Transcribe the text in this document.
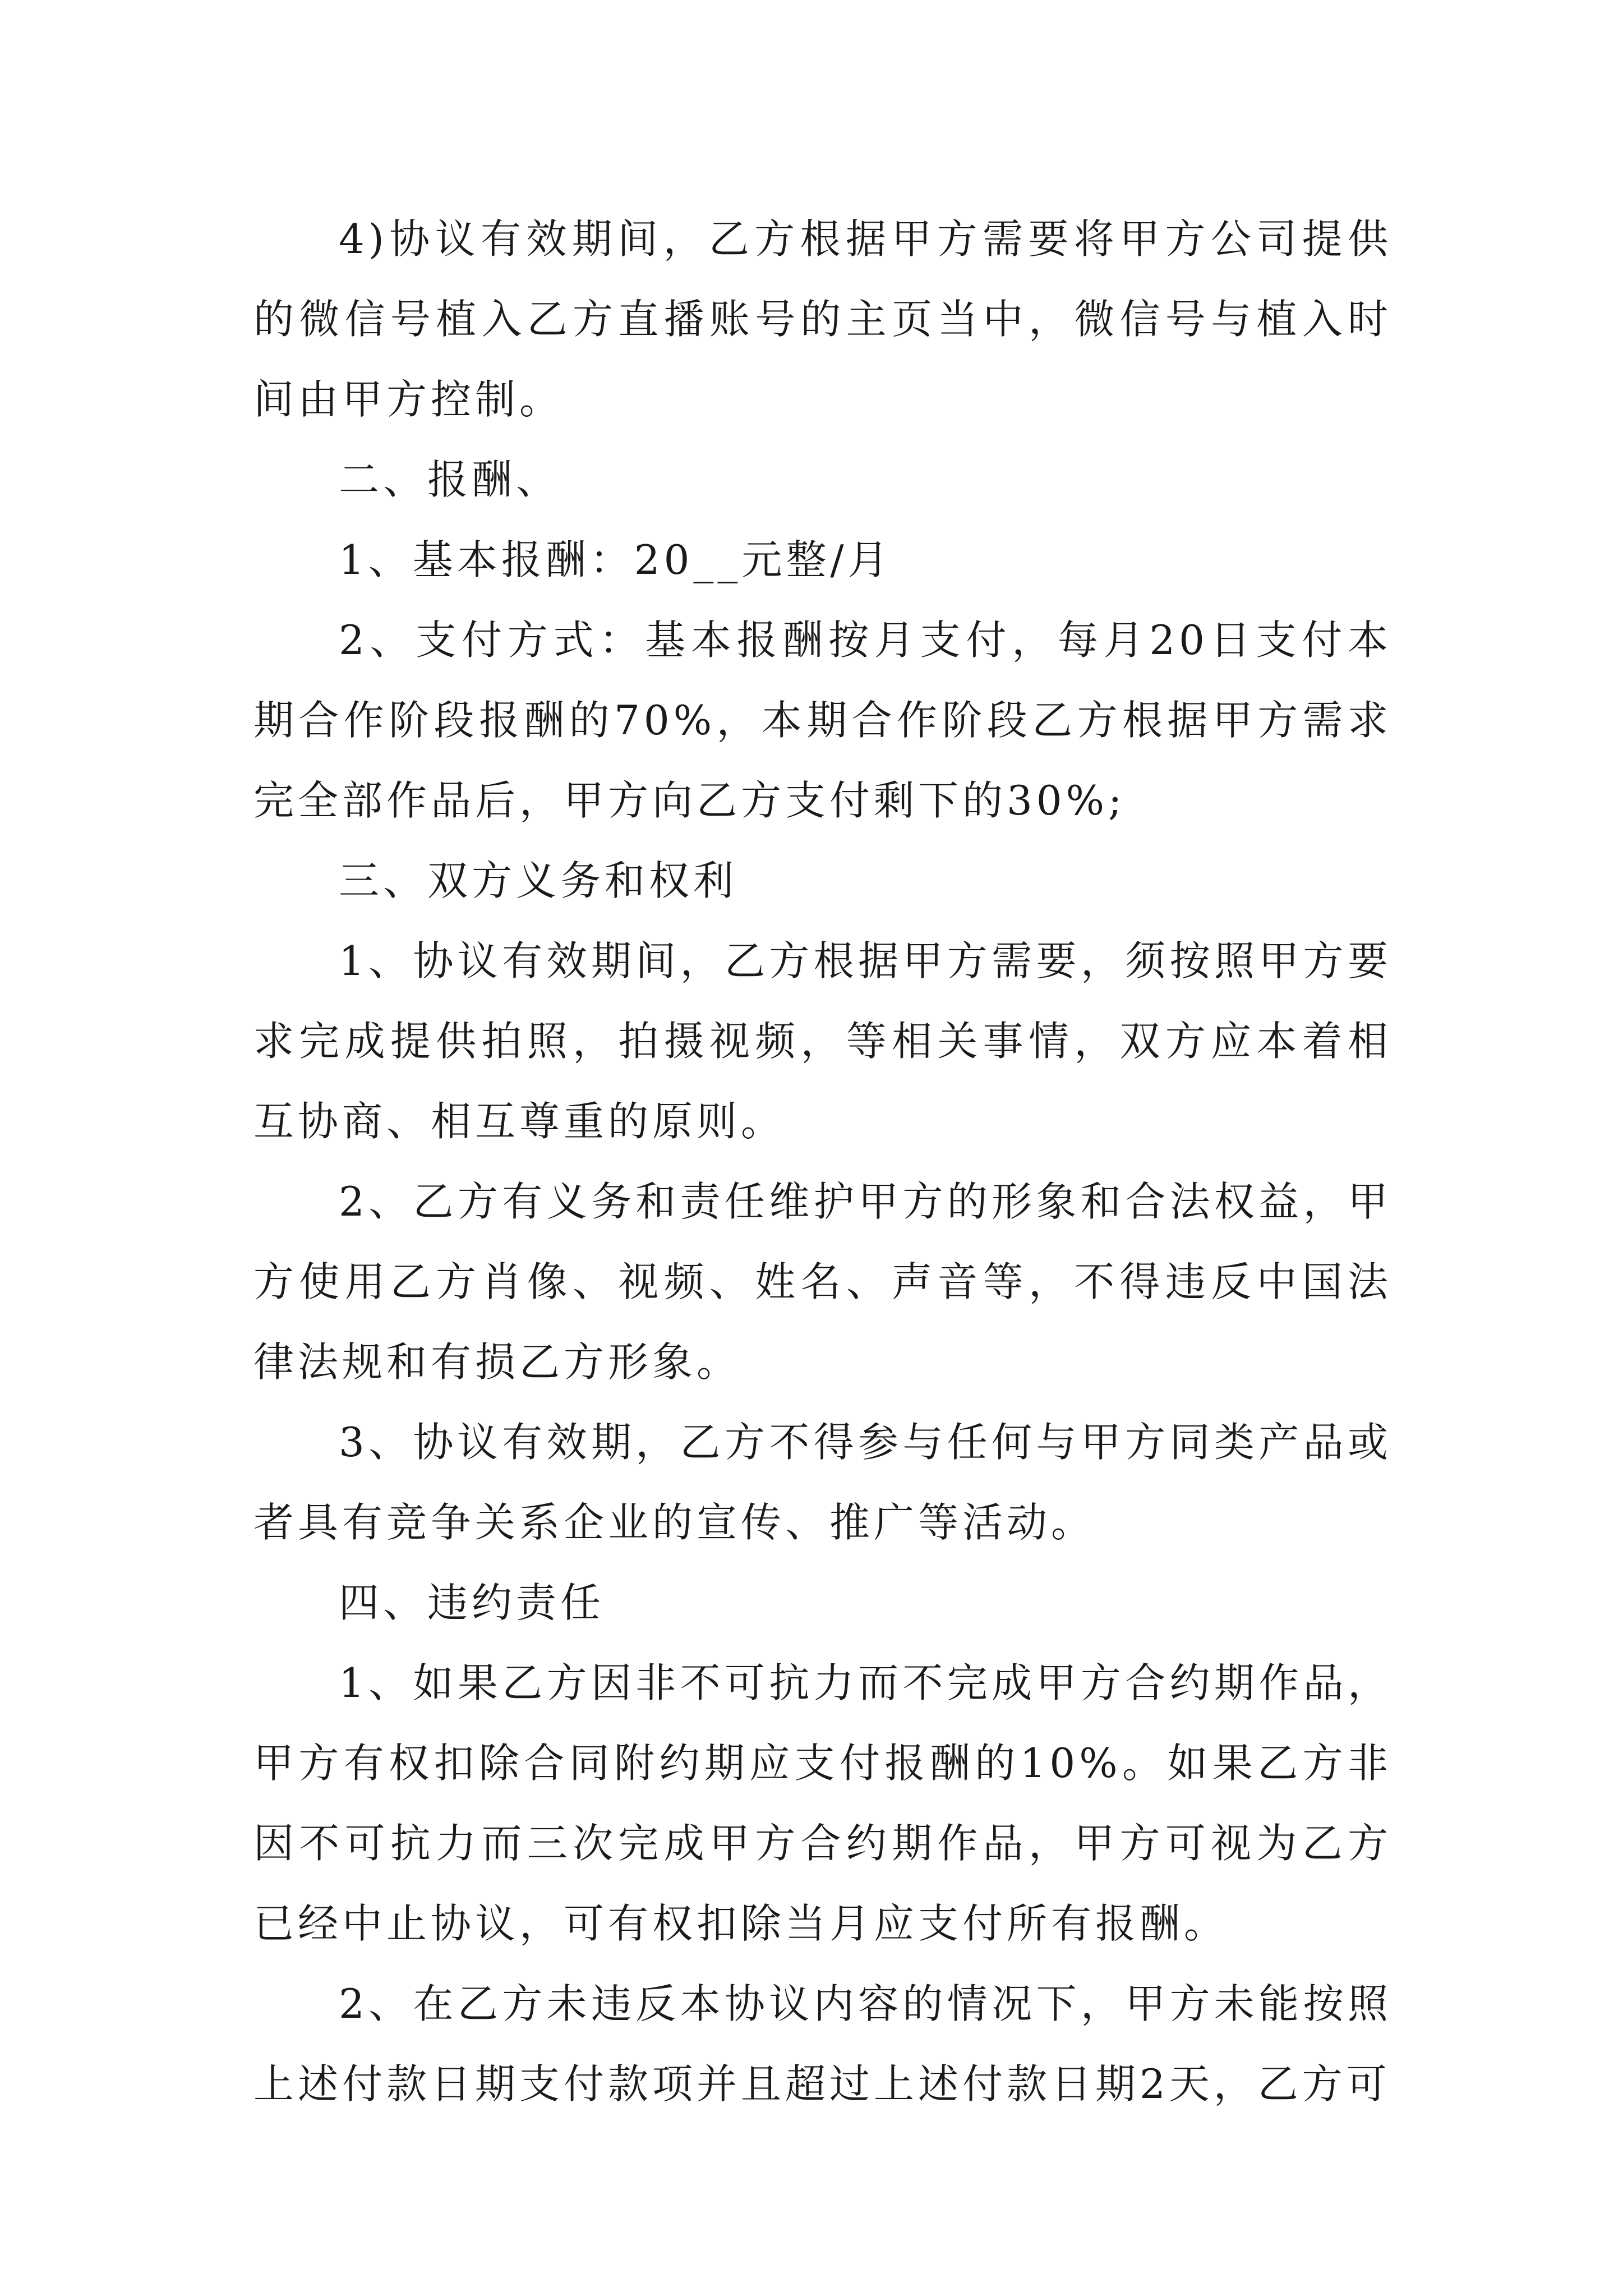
4)协议有效期间，乙方根据甲方需要将甲方公司提供的微信号植入乙方直播账号的主页当中，微信号与植入时间由甲方控制。

二、报酬、

1、基本报酬：20__元整/月

2、支付方式：基本报酬按月支付，每月20日支付本期合作阶段报酬的70%，本期合作阶段乙方根据甲方需求完全部作品后，甲方向乙方支付剩下的30%;

三、双方义务和权利

1、协议有效期间，乙方根据甲方需要，须按照甲方要求完成提供拍照，拍摄视频，等相关事情，双方应本着相互协商、相互尊重的原则。

2、乙方有义务和责任维护甲方的形象和合法权益，甲方使用乙方肖像、视频、姓名、声音等，不得违反中国法律法规和有损乙方形象。

3、协议有效期，乙方不得参与任何与甲方同类产品或者具有竞争关系企业的宣传、推广等活动。

四、违约责任

1、如果乙方因非不可抗力而不完成甲方合约期作品，甲方有权扣除合同附约期应支付报酬的10%。如果乙方非因不可抗力而三次完成甲方合约期作品，甲方可视为乙方已经中止协议，可有权扣除当月应支付所有报酬。

2、在乙方未违反本协议内容的情况下，甲方未能按照上述付款日期支付款项并且超过上述付款日期2天，乙方可
